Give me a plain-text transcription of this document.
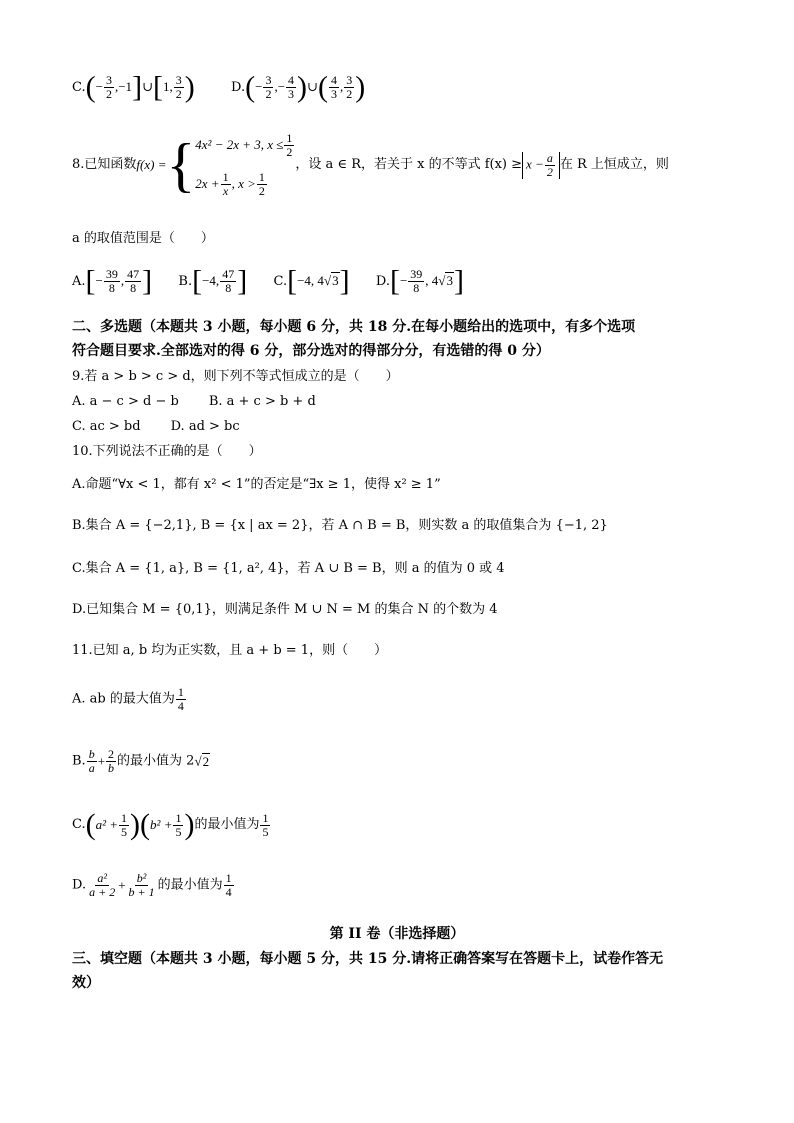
$C.(- \frac{3}{2}$ ,−1]∪[1, $\frac{3}{2}$ )	$D.(- \frac{3}{2}$ ,− $\frac{4}{3}$ )∪( $\frac{4}{3}$ , $\frac{3}{2}$ )
8.已知函数f(x) ={ 4x² − 2x + 3, $x \le \frac{1}{2}$
$2x + \frac{1}{x}$ , $x > \frac{1}{2}$
，设 a ∈ R，若关于 x 的不等式 $f(x) \ge x - \frac{a}{2}$ 在 R 上恒成立，则
a 的取值范围是（　　）
$A.[- \frac{39}{8}$ , $\frac{47}{8}$ ] B.[−4, $\frac{47}{8}$ ] C.[−4, 4√3] $D.[- \frac{39}{8}$ , 4√3]
二、多选题（本题共 3 小题，每小题 6 分，共 18 分.在每小题给出的选项中，有多个选项
符合题目要求.全部选对的得 6 分，部分选对的得部分分，有选错的得 0 分）
9.若 a > b > c > d，则下列不等式恒成立的是（　　）
A. a − c > d − b B. a + c > b + d
C. ac > bd D. ad > bc
10.下列说法不正确的是（　　）
A.命题“∀x < 1，都有 x² < 1”的否定是“∃x ≥ 1，使得 x² ≥ 1”
B.集合 A = {−2,1}, B = {x | ax = 2}，若 A ∩ B = B，则实数 a 的取值集合为 {−1, 2}
C.集合 A = {1, a}, B = {1, a², 4}，若 A ∪ B = B，则 a 的值为 0 或 4
D.已知集合 M = {0,1}，则满足条件 M ∪ N = M 的集合 N 的个数为 4
11.已知 a, b 均为正实数，且 a + b = 1，则（　　）
A. ab 的最大值为 $\frac{1}{4}$
B. $\frac{b}{a} + \frac{2}{b}$ 的最小值为 2√2
$C.(a^2 + \frac{1}{5} )(b^2 + \frac{1}{5}$ )的最小值为 $\frac{1}{5}$
D. $\frac{\text{a²}}{a + 2} + \frac{\text{b²}}{b + 1}$ 的最小值为 $\frac{1}{4}$
第 II 卷（非选择题）
三、填空题（本题共 3 小题，每小题 5 分，共 15 分.请将正确答案写在答题卡上，试卷作答无
效）
